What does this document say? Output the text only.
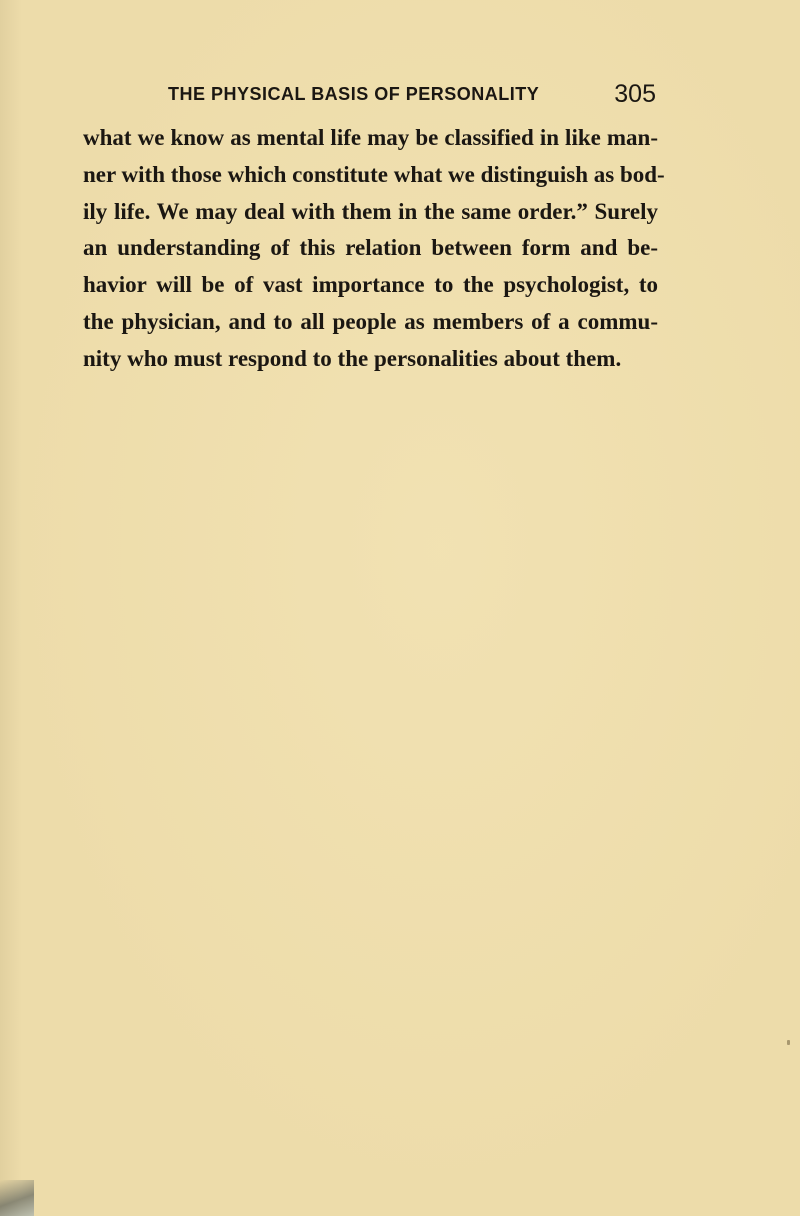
THE PHYSICAL BASIS OF PERSONALITY	305
what we know as mental life may be classified in like man-
ner with those which constitute what we distinguish as bod-
ily life. We may deal with them in the same order.” Surely
an understanding of this relation between form and be-
havior will be of vast importance to the psychologist, to
the physician, and to all people as members of a commu-
nity who must respond to the personalities about them.
